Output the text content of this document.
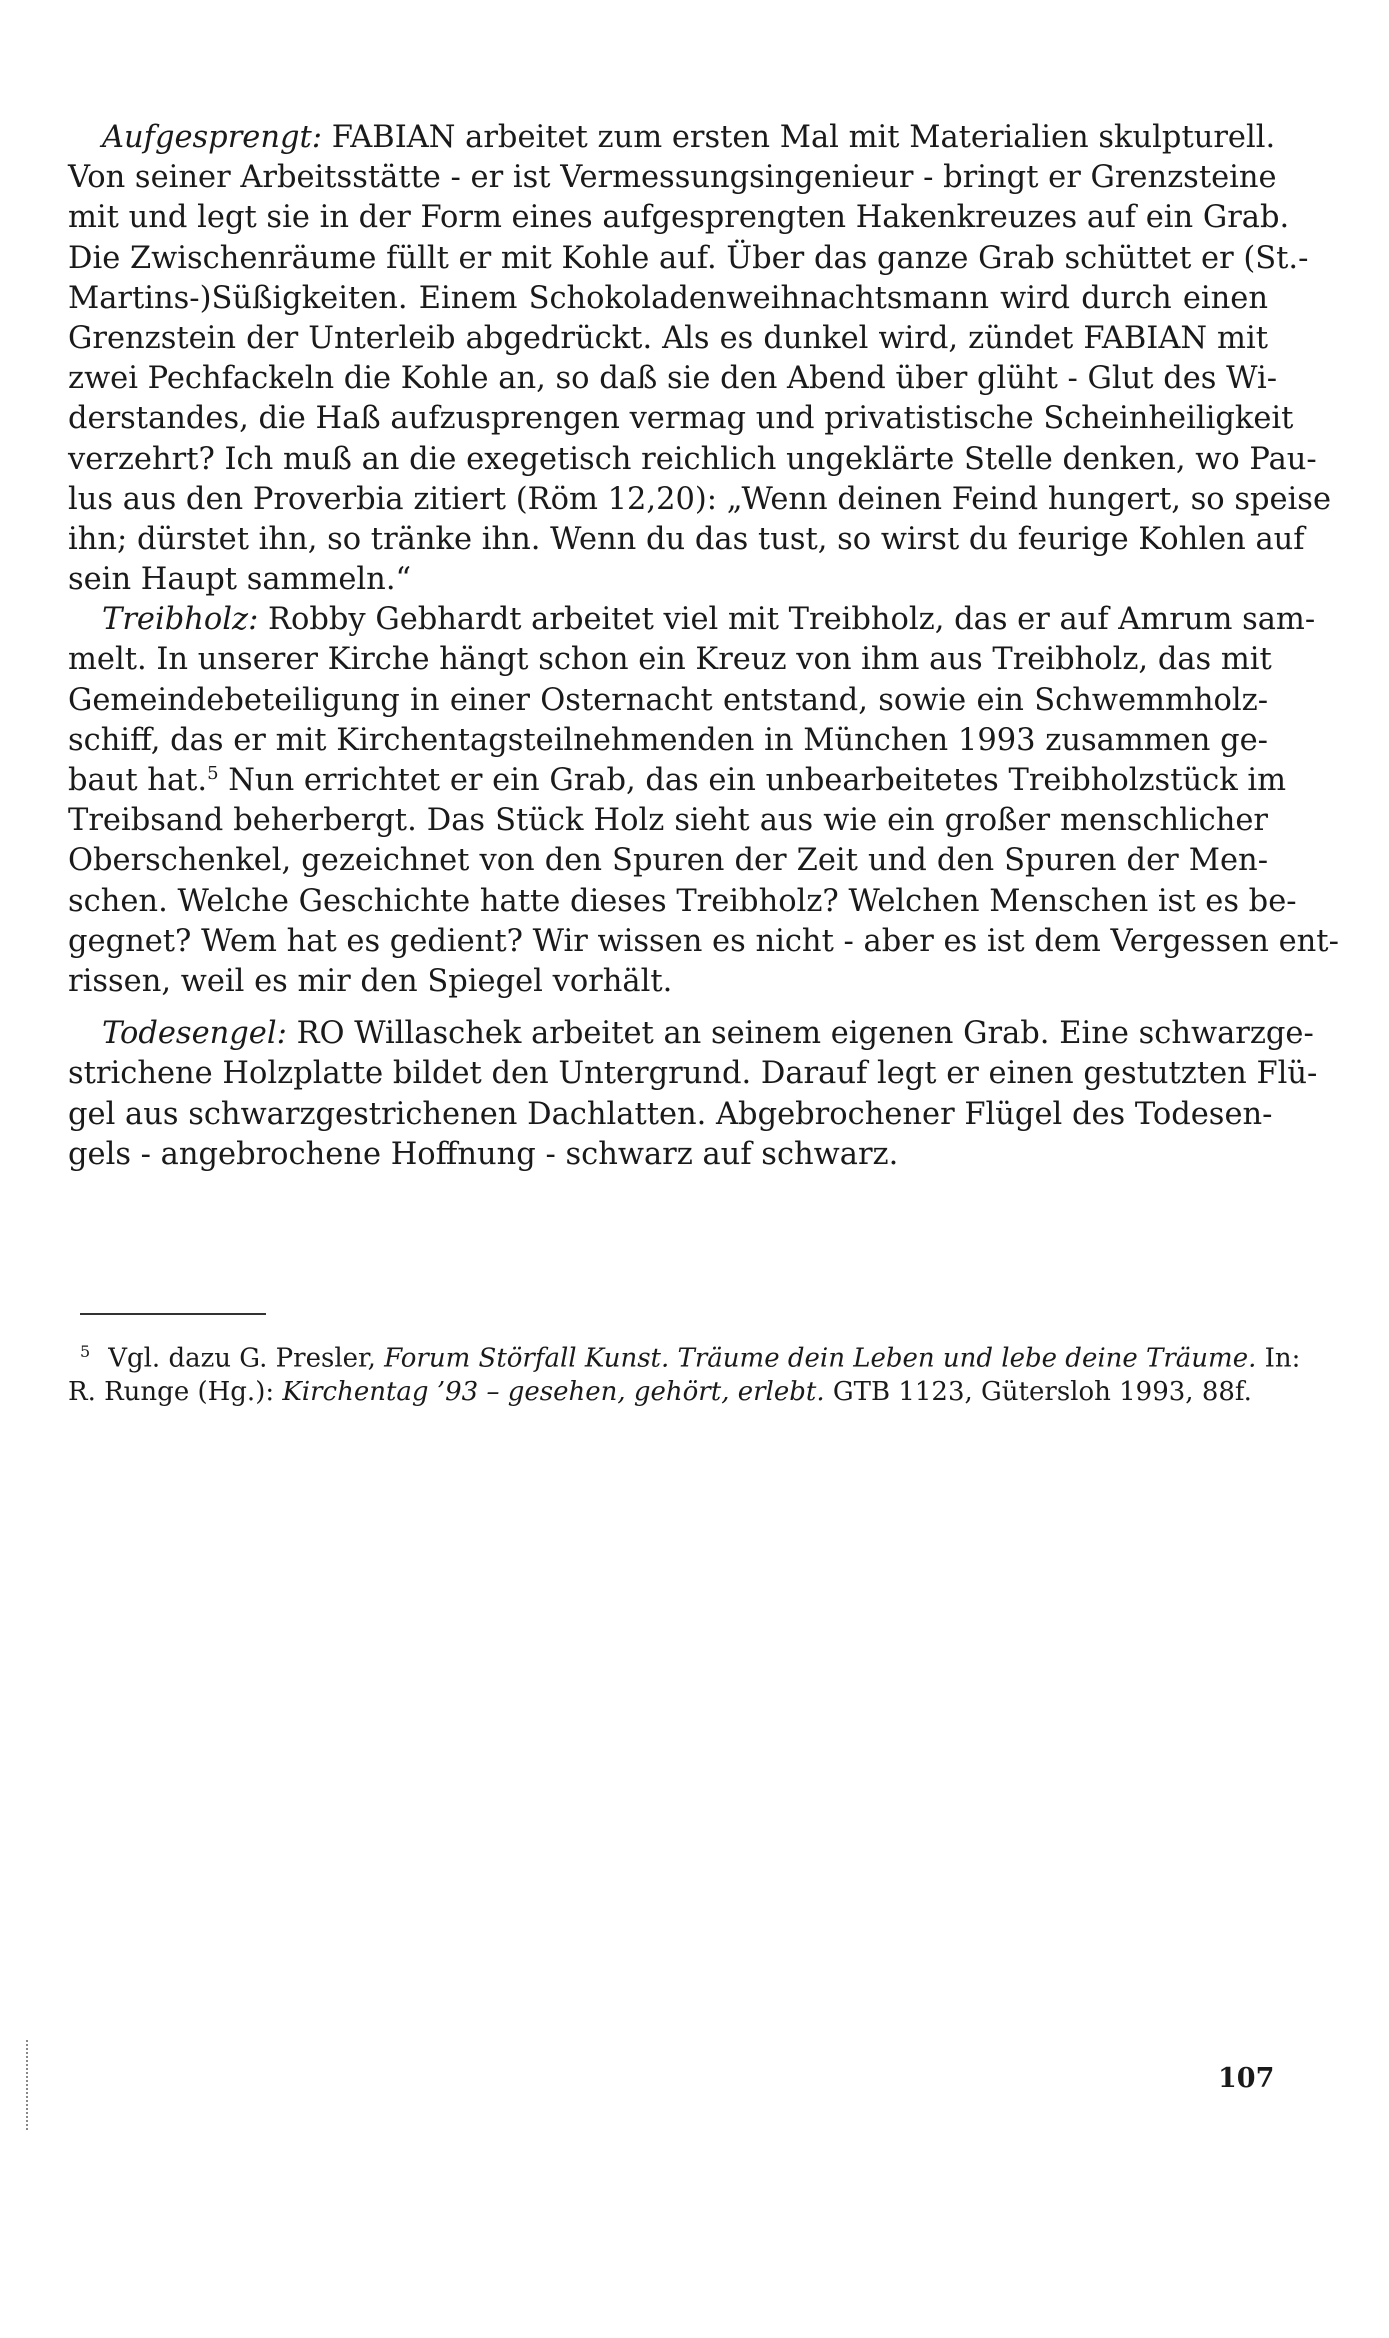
Aufgesprengt: FABIAN arbeitet zum ersten Mal mit Materialien skulpturell.
Von seiner Arbeitsstätte - er ist Vermessungsingenieur - bringt er Grenzsteine
mit und legt sie in der Form eines aufgesprengten Hakenkreuzes auf ein Grab.
Die Zwischenräume füllt er mit Kohle auf. Über das ganze Grab schüttet er (St.-
Martins-)Süßigkeiten. Einem Schokoladenweihnachtsmann wird durch einen
Grenzstein der Unterleib abgedrückt. Als es dunkel wird, zündet FABIAN mit
zwei Pechfackeln die Kohle an, so daß sie den Abend über glüht - Glut des Wi-
derstandes, die Haß aufzusprengen vermag und privatistische Scheinheiligkeit
verzehrt? Ich muß an die exegetisch reichlich ungeklärte Stelle denken, wo Pau-
lus aus den Proverbia zitiert (Röm 12,20): „Wenn deinen Feind hungert, so speise
ihn; dürstet ihn, so tränke ihn. Wenn du das tust, so wirst du feurige Kohlen auf
sein Haupt sammeln.“
Treibholz: Robby Gebhardt arbeitet viel mit Treibholz, das er auf Amrum sam-
melt. In unserer Kirche hängt schon ein Kreuz von ihm aus Treibholz, das mit
Gemeindebeteiligung in einer Osternacht entstand, sowie ein Schwemmholz-
schiff, das er mit Kirchentagsteilnehmenden in München 1993 zusammen ge-
baut hat.$^5$ Nun errichtet er ein Grab, das ein unbearbeitetes Treibholzstück im
Treibsand beherbergt. Das Stück Holz sieht aus wie ein großer menschlicher
Oberschenkel, gezeichnet von den Spuren der Zeit und den Spuren der Men-
schen. Welche Geschichte hatte dieses Treibholz? Welchen Menschen ist es be-
gegnet? Wem hat es gedient? Wir wissen es nicht - aber es ist dem Vergessen ent-
rissen, weil es mir den Spiegel vorhält.
Todesengel: RO Willaschek arbeitet an seinem eigenen Grab. Eine schwarzge-
strichene Holzplatte bildet den Untergrund. Darauf legt er einen gestutzten Flü-
gel aus schwarzgestrichenen Dachlatten. Abgebrochener Flügel des Todesen-
gels - angebrochene Hoffnung - schwarz auf schwarz.
$^5$ Vgl. dazu G. Presler, Forum Störfall Kunst. Träume dein Leben und lebe deine Träume. In:
R. Runge (Hg.): Kirchentag ’93 – gesehen, gehört, erlebt. GTB 1123, Gütersloh 1993, 88f.
107
